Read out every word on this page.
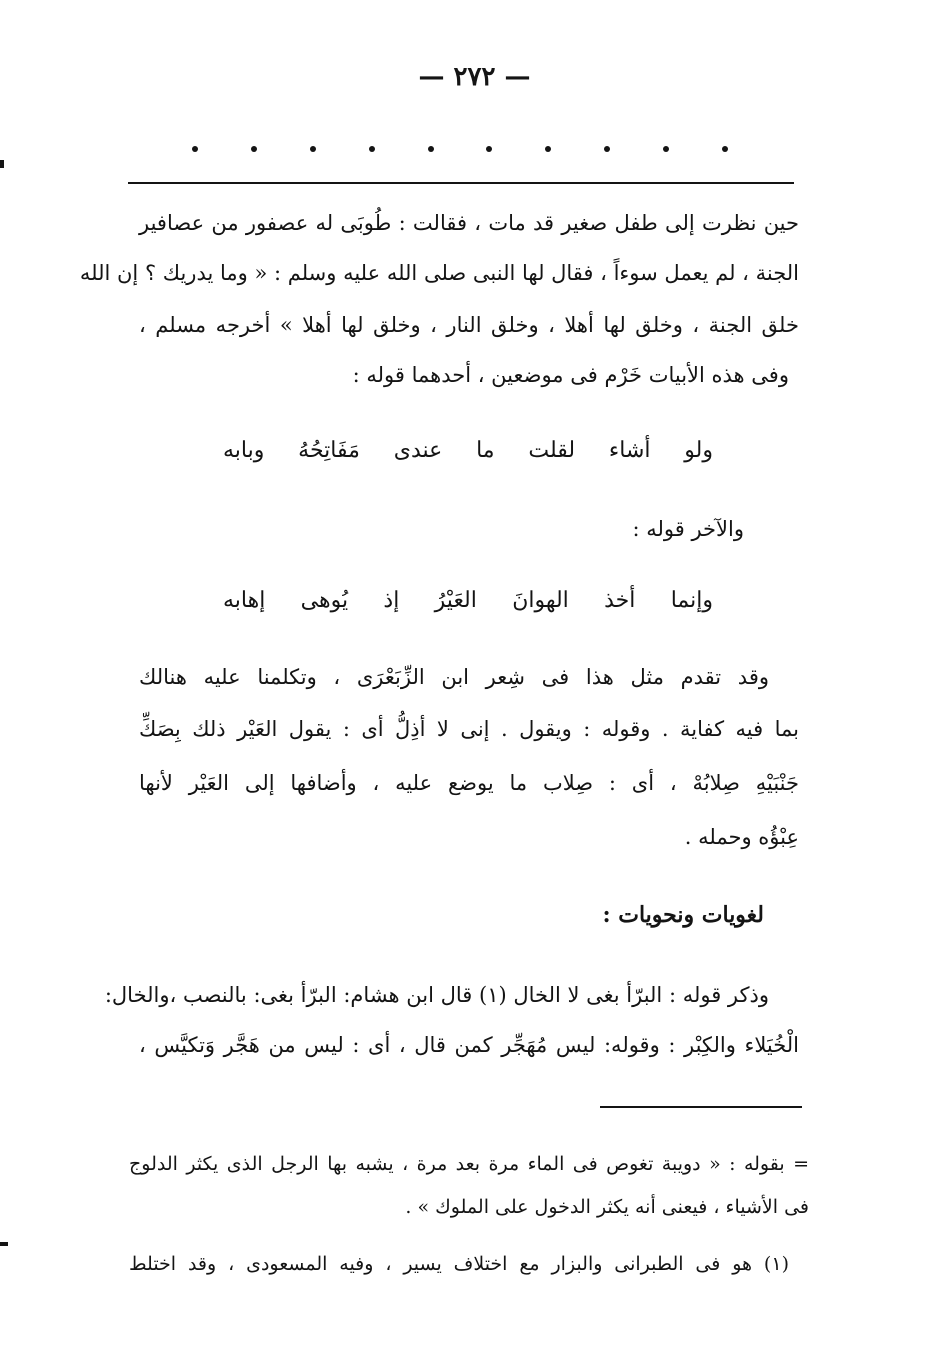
— ٢٧٢ —
حين نظرت إلى طفل صغير قد مات ، فقالت : طُوبَى له عصفور من عصافير
الجنة ، لم يعمل سوءاً ، فقال لها النبى صلى الله عليه وسلم : « وما يدريك ؟ إن الله
خلق الجنة ، وخلق لها أهلا ، وخلق النار ، وخلق لها أهلا » أخرجه مسلم ،
وفى هذه الأبيات خَرْم فى موضعين ، أحدهما قوله :
ولو أشاء لقلت ما عندى مَفَاتِحُهُ وبابه
والآخر قوله :
وإنما أخذ الهوانَ العَيْرُ إذ يُوهى إهابه
وقد تقدم مثل هذا فى شِعر ابن الزِّبَعْرَى ، وتكلمنا عليه هنالك
بما فيه كفاية . وقوله : ويقول . إنى لا أذِلُّ أى : يقول العَيْر ذلك بِصَكِّ
جَنْبَيْهِ صِلابُهْ ، أى : صِلاب ما يوضع عليه ، وأضافها إلى العَيْر لأنها
عِبْؤُه وحمله .
لغويات ونحويات :
وذكر قوله : البرّأ بغى لا الخال (١) قال ابن هشام: البرّأ بغى: بالنصب ،والخال:
الْخُيَلاء والكِبْر : وقوله: ليس مُهَجِّر كمن قال ، أى : ليس من هَجَّر وَتكيَّس ،
= بقوله : « دويبة تغوص فى الماء مرة بعد مرة ، يشبه بها الرجل الذى يكثر الدلوج
فى الأشياء ، فيعنى أنه يكثر الدخول على الملوك » .
(١) هو فى الطبرانى والبزار مع اختلاف يسير ، وفيه المسعودى ، وقد اختلط
